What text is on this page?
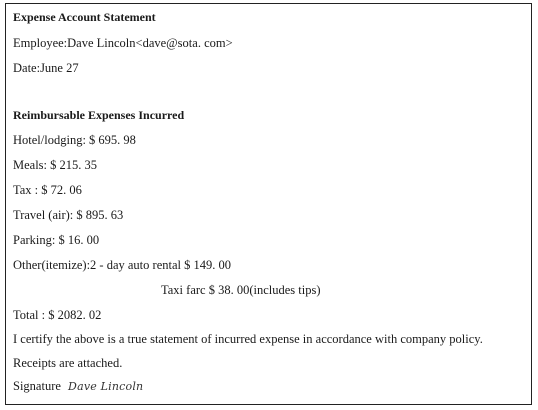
Expense Account Statement
Employee:Dave Lincoln<dave@sota. com>
Date:June 27
Reimbursable Expenses Incurred
Hotel/lodging: $ 695. 98
Meals: $ 215. 35
Tax : $ 72. 06
Travel (air): $ 895. 63
Parking: $ 16. 00
Other(itemize):2 - day auto rental $ 149. 00
Taxi farc $ 38. 00(includes tips)
Total : $ 2082. 02
I certify the above is a true statement of incurred expense in accordance with company policy.
Receipts are attached.
Signature Dave Lincoln
